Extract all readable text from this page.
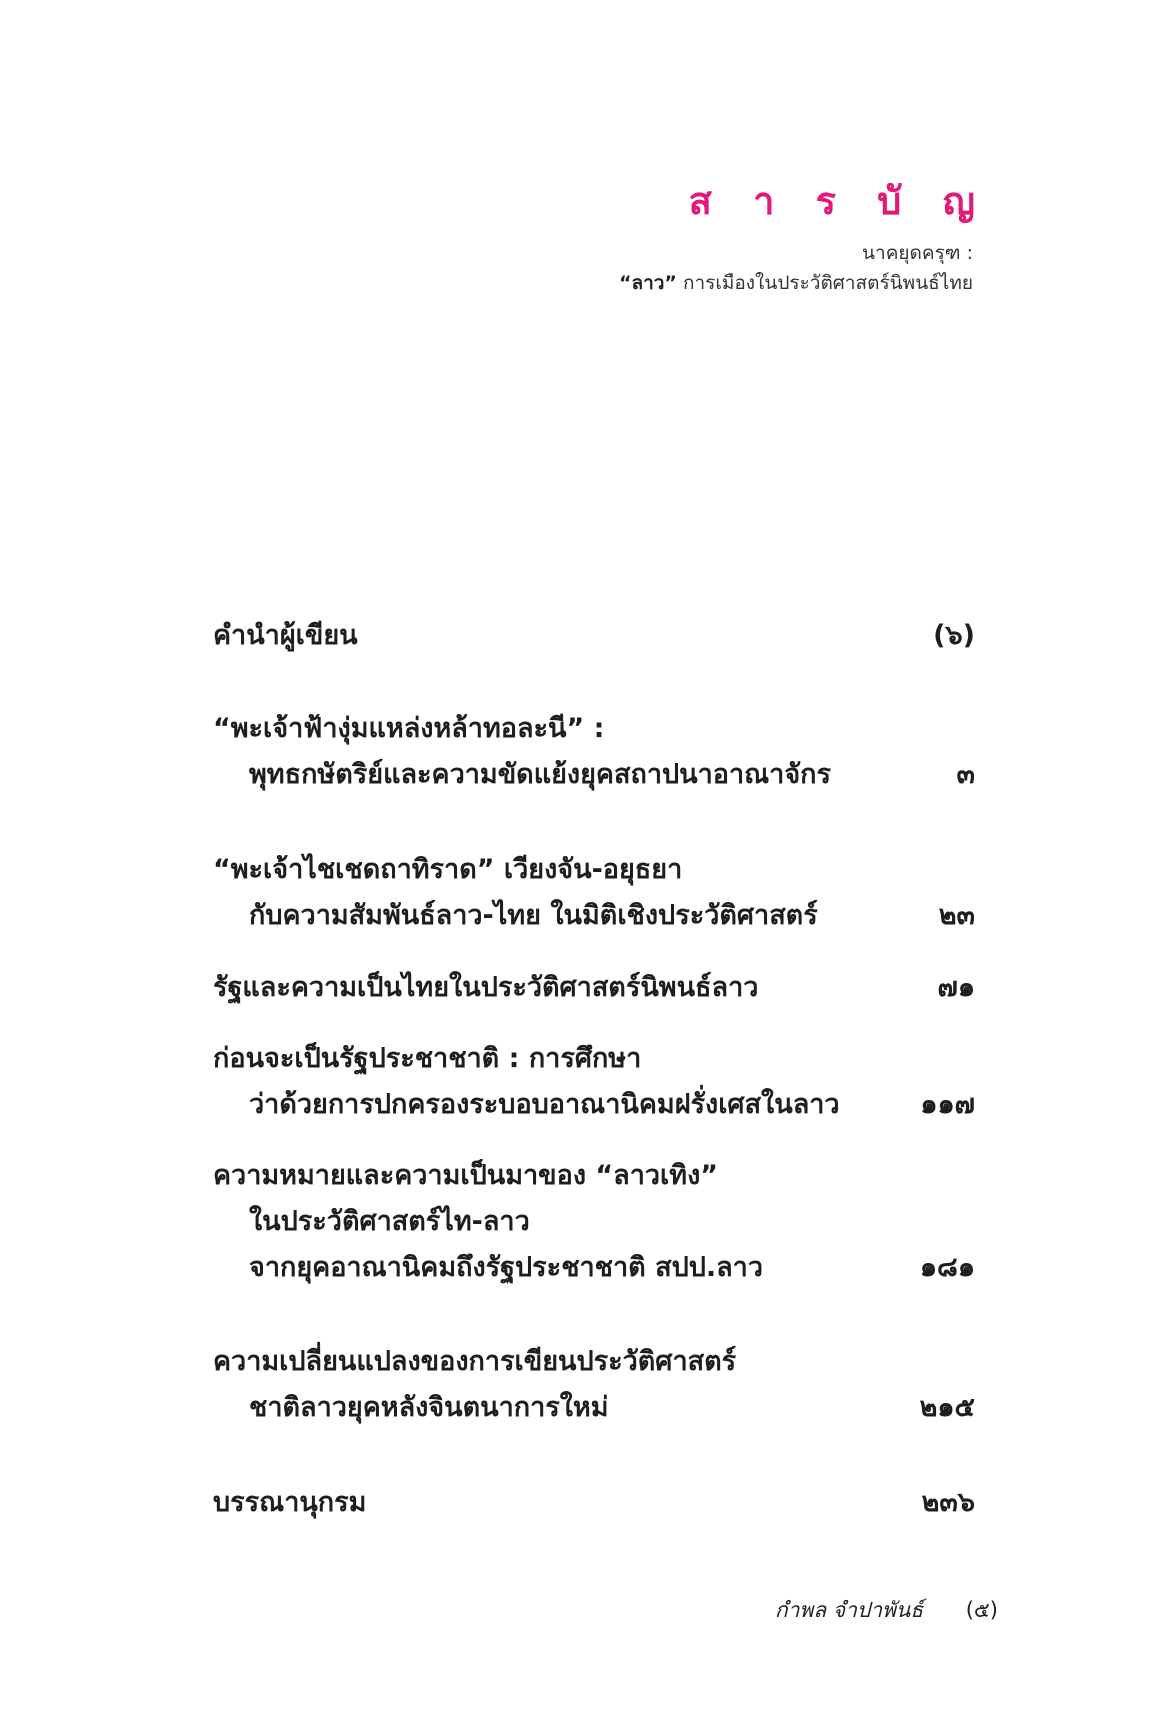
ส า ร บั ญ
นาคยุดครุฑ :
“ลาว” การเมืองในประวัติศาสตร์นิพนธ์ไทย
คำนำผู้เขียน	(๖)
“พะเจ้าฟ้างุ่มแหล่งหล้าทอละนี” :
พุทธกษัตริย์และความขัดแย้งยุคสถาปนาอาณาจักร	๓
“พะเจ้าไชเชดถาทิราด” เวียงจัน-อยุธยา
กับความสัมพันธ์ลาว-ไทย ในมิติเชิงประวัติศาสตร์	๒๓
รัฐและความเป็นไทยในประวัติศาสตร์นิพนธ์ลาว	๗๑
ก่อนจะเป็นรัฐประชาชาติ : การศึกษา
ว่าด้วยการปกครองระบอบอาณานิคมฝรั่งเศสในลาว	๑๑๗
ความหมายและความเป็นมาของ “ลาวเทิง”
ในประวัติศาสตร์ไท-ลาว
จากยุคอาณานิคมถึงรัฐประชาชาติ สปป.ลาว	๑๘๑
ความเปลี่ยนแปลงของการเขียนประวัติศาสตร์
ชาติลาวยุคหลังจินตนาการใหม่	๒๑๕
บรรณานุกรม	๒๓๖
กำพล จำปาพันธ์ (๕)
